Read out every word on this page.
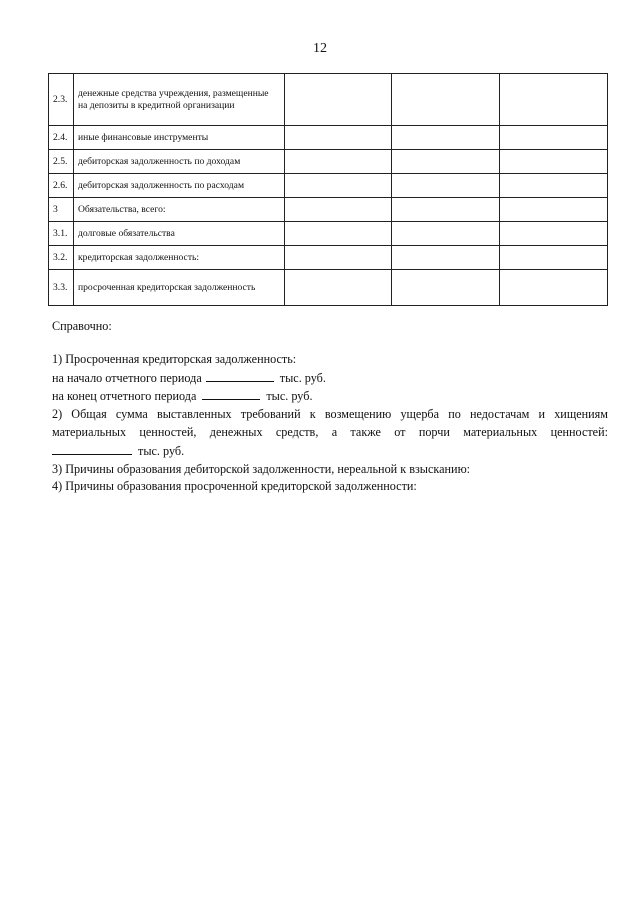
12
2.3.	денежные средства учреждения, размещенные на депозиты в кредитной организации			
2.4.	иные финансовые инструменты			
2.5.	дебиторская задолженность по доходам			
2.6.	дебиторская задолженность по расходам			
3	Обязательства, всего:			
3.1.	долговые обязательства			
3.2.	кредиторская задолженность:			
3.3.	просроченная кредиторская задолженность			

Справочно:

1) Просроченная кредиторская задолженность:

на начало отчетного периода	тыс. руб.

на конец отчетного периода	тыс. руб.

2) Общая сумма выставленных требований к возмещению ущерба по недостачам и хищениям

материальных ценностей, денежных средств, а также от порчи материальных ценностей:

тыс. руб.

3) Причины образования дебиторской задолженности, нереальной к взысканию:

4) Причины образования просроченной кредиторской задолженности:
